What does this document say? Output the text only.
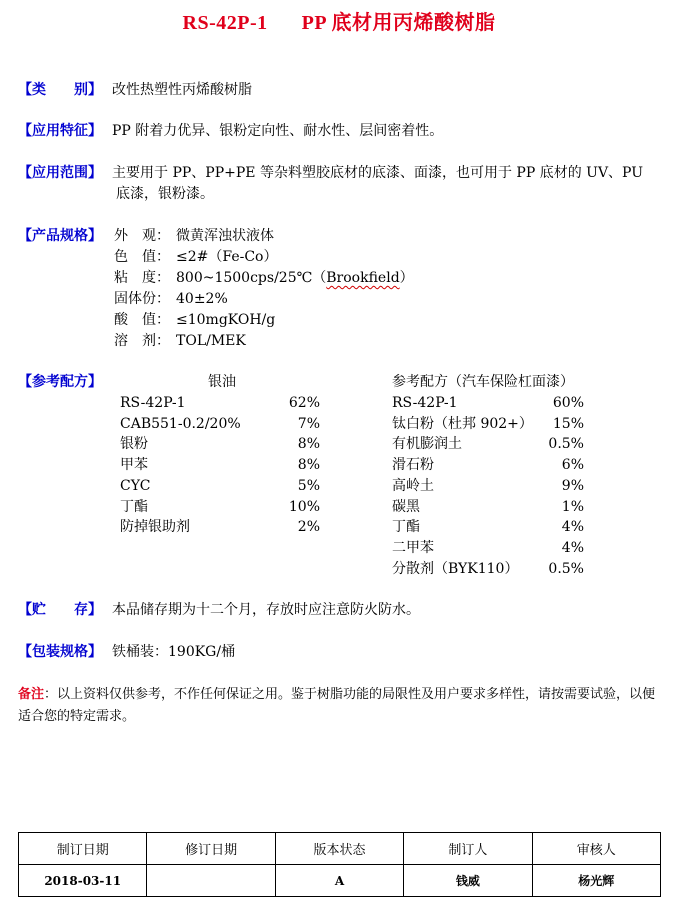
RS-42P-1 PP 底材用丙烯酸树脂
【类　　别】 改性热塑性丙烯酸树脂
【应用特征】 PP 附着力优异、银粉定向性、耐水性、层间密着性。
【应用范围】 主要用于 PP、PP+PE 等杂料塑胶底材的底漆、面漆，也可用于 PP 底材的 UV、PU
底漆，银粉漆。
【产品规格】 外　观： 微黄浑浊状液体
色　值： ≤2#（Fe-Co）
粘　度： 800~1500cps/25℃（Brookfield）
固体份： 40±2%
酸　值： ≤10mgKOH/g
溶　剂： TOL/MEK
【参考配方】	银油	参考配方（汽车保险杠面漆）
RS-42P-1	62%
CAB551-0.2/20%	7%
银粉	8%
甲苯	8%
CYC	5%
丁酯	10%
防掉银助剂	2%
RS-42P-1	60%
钛白粉（杜邦 902+）	15%
有机膨润土	0.5%
滑石粉	6%
高岭土	9%
碳黑	1%
丁酯	4%
二甲苯	4%
分散剂（BYK110）	0.5%
【贮　　存】 本品储存期为十二个月，存放时应注意防火防水。
【包装规格】 铁桶装：190KG/桶
备注：以上资料仅供参考，不作任何保证之用。鉴于树脂功能的局限性及用户要求多样性，请按需要试验，以便适合您的特定需求。
制订日期	修订日期	版本状态	制订人	审核人
2018-03-11		A	钱威	杨光辉
